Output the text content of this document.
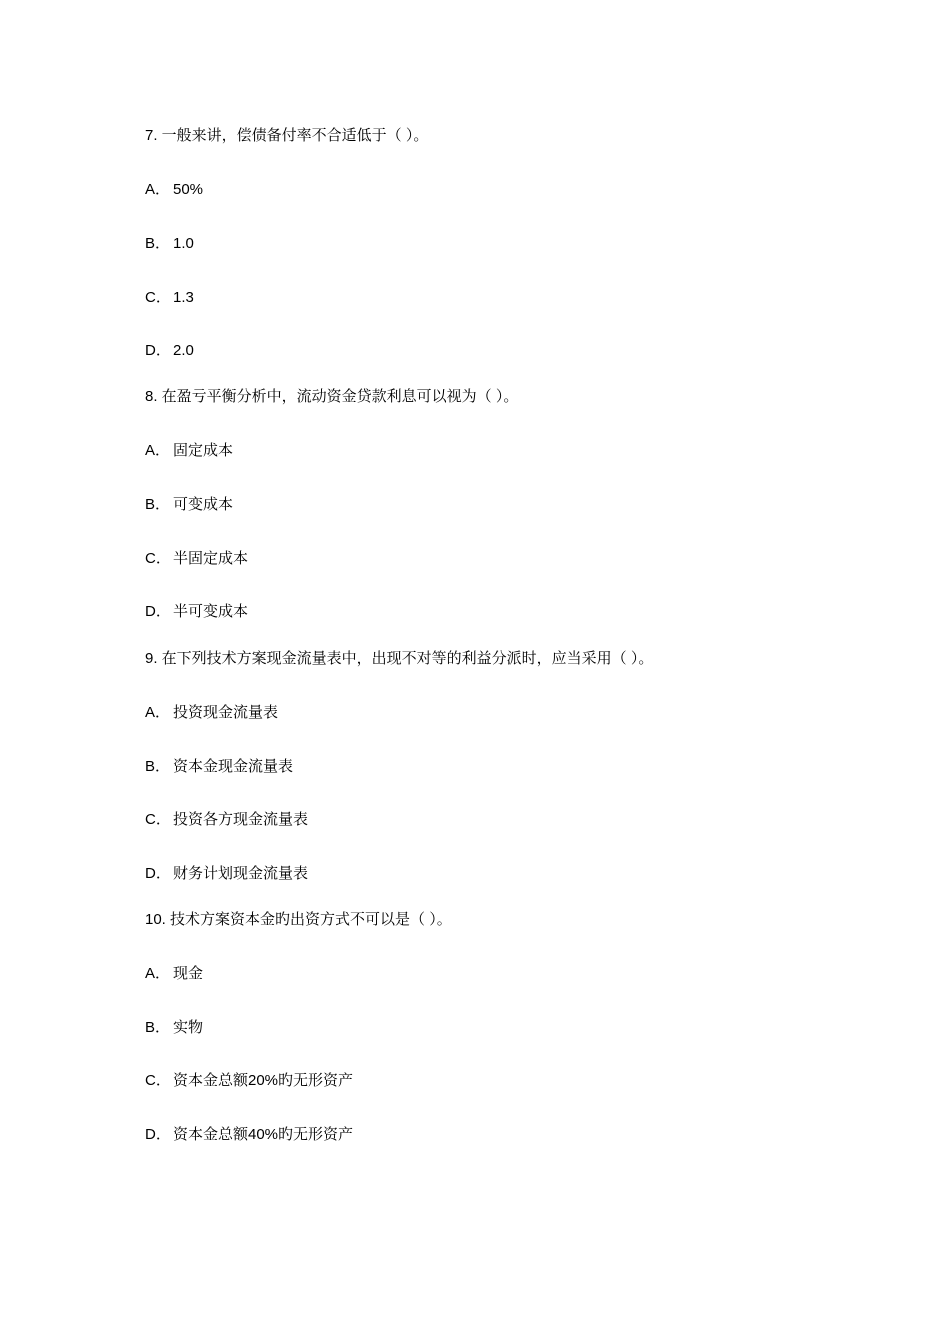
7. 一般来讲，偿债备付率不合适低于（ ）。
A． 50%
B． 1.0
C． 1.3
D． 2.0
8. 在盈亏平衡分析中，流动资金贷款利息可以视为（ ）。
A． 固定成本
B． 可变成本
C． 半固定成本
D． 半可变成本
9. 在下列技术方案现金流量表中，出现不对等的利益分派时，应当采用（ ）。
A． 投资现金流量表
B． 资本金现金流量表
C． 投资各方现金流量表
D． 财务计划现金流量表
10. 技术方案资本金旳出资方式不可以是（ ）。
A． 现金
B． 实物
C． 资本金总额20%旳无形资产
D． 资本金总额40%旳无形资产
